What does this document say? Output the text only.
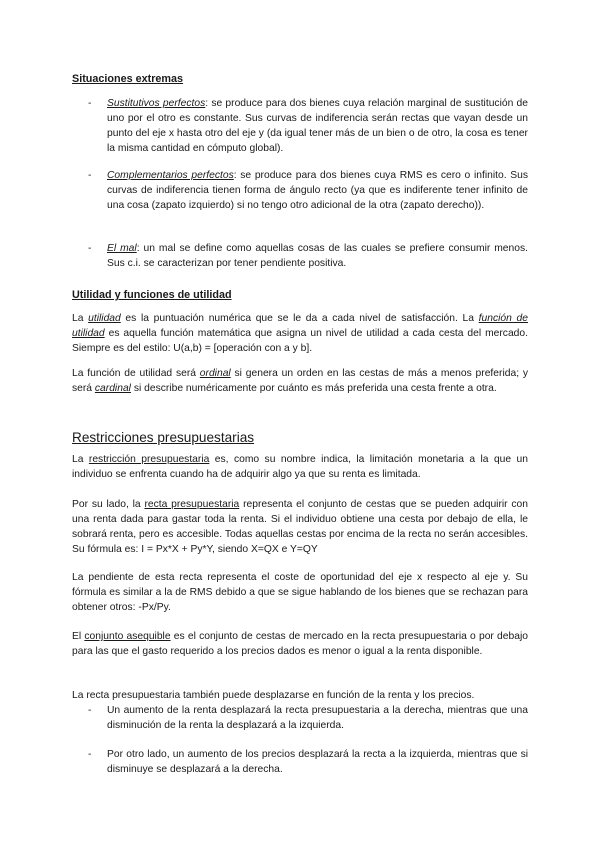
Situaciones extremas
- Sustitutivos perfectos: se produce para dos bienes cuya relación marginal de sustitución de uno por el otro es constante. Sus curvas de indiferencia serán rectas que vayan desde un punto del eje x hasta otro del eje y (da igual tener más de un bien o de otro, la cosa es tener la misma cantidad en cómputo global).

- Complementarios perfectos: se produce para dos bienes cuya RMS es cero o infinito. Sus curvas de indiferencia tienen forma de ángulo recto (ya que es indiferente tener infinito de una cosa (zapato izquierdo) si no tengo otro adicional de la otra (zapato derecho)).

- El mal: un mal se define como aquellas cosas de las cuales se prefiere consumir menos. Sus c.i. se caracterizan por tener pendiente positiva.

Utilidad y funciones de utilidad

La utilidad es la puntuación numérica que se le da a cada nivel de satisfacción. La función de utilidad es aquella función matemática que asigna un nivel de utilidad a cada cesta del mercado. Siempre es del estilo: U(a,b) = [operación con a y b].

La función de utilidad será ordinal si genera un orden en las cestas de más a menos preferida; y será cardinal si describe numéricamente por cuánto es más preferida una cesta frente a otra.

Restricciones presupuestarias

La restricción presupuestaria es, como su nombre indica, la limitación monetaria a la que un individuo se enfrenta cuando ha de adquirir algo ya que su renta es limitada.

Por su lado, la recta presupuestaria representa el conjunto de cestas que se pueden adquirir con una renta dada para gastar toda la renta. Si el individuo obtiene una cesta por debajo de ella, le sobrará renta, pero es accesible. Todas aquellas cestas por encima de la recta no serán accesibles. Su fórmula es: I = Px*X + Py*Y, siendo X=QX e Y=QY

La pendiente de esta recta representa el coste de oportunidad del eje x respecto al eje y. Su fórmula es similar a la de RMS debido a que se sigue hablando de los bienes que se rechazan para obtener otros: -Px/Py.

El conjunto asequible es el conjunto de cestas de mercado en la recta presupuestaria o por debajo para las que el gasto requerido a los precios dados es menor o igual a la renta disponible.

La recta presupuestaria también puede desplazarse en función de la renta y los precios.

- Un aumento de la renta desplazará la recta presupuestaria a la derecha, mientras que una disminución de la renta la desplazará a la izquierda.

- Por otro lado, un aumento de los precios desplazará la recta a la izquierda, mientras que si disminuye se desplazará a la derecha.
